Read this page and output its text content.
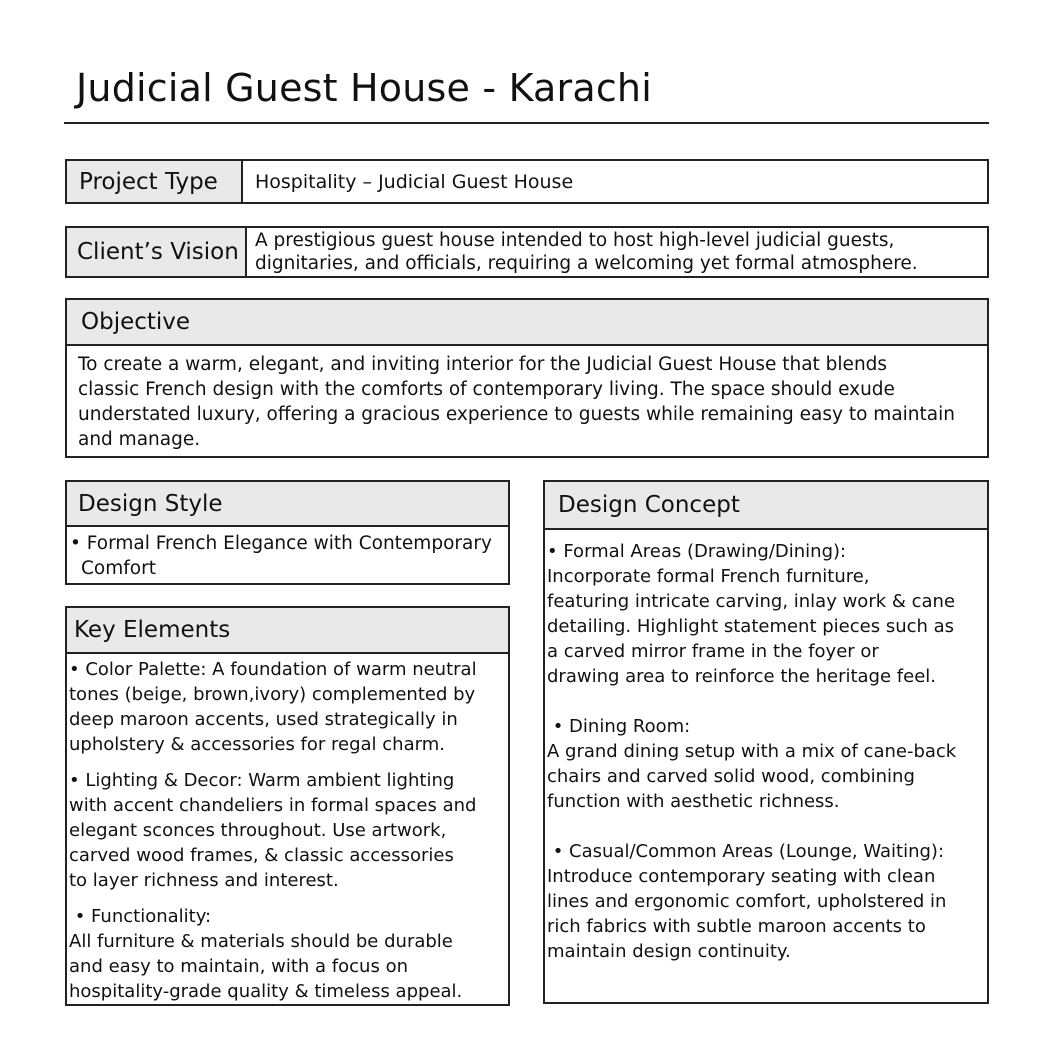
Judicial Guest House - Karachi
Project Type	Hospitality – Judicial Guest House
Client’s Vision A prestigious guest house intended to host high-level judicial guests,
dignitaries, and officials, requiring a welcoming yet formal atmosphere.
Objective
To create a warm, elegant, and inviting interior for the Judicial Guest House that blends
classic French design with the comforts of contemporary living. The space should exude
understated luxury, offering a gracious experience to guests while remaining easy to maintain
and manage.
Design Style
• Formal French Elegance with Contemporary
Comfort
Key Elements
• Color Palette: A foundation of warm neutral
tones (beige, brown,ivory) complemented by
deep maroon accents, used strategically in
upholstery & accessories for regal charm.
• Lighting & Decor: Warm ambient lighting
with accent chandeliers in formal spaces and
elegant sconces throughout. Use artwork,
carved wood frames, & classic accessories
to layer richness and interest.
• Functionality:
All furniture & materials should be durable
and easy to maintain, with a focus on
hospitality-grade quality & timeless appeal.
Design Concept
• Formal Areas (Drawing/Dining):
Incorporate formal French furniture,
featuring intricate carving, inlay work & cane
detailing. Highlight statement pieces such as
a carved mirror frame in the foyer or
drawing area to reinforce the heritage feel.
• Dining Room:
A grand dining setup with a mix of cane-back
chairs and carved solid wood, combining
function with aesthetic richness.
• Casual/Common Areas (Lounge, Waiting):
Introduce contemporary seating with clean
lines and ergonomic comfort, upholstered in
rich fabrics with subtle maroon accents to
maintain design continuity.
